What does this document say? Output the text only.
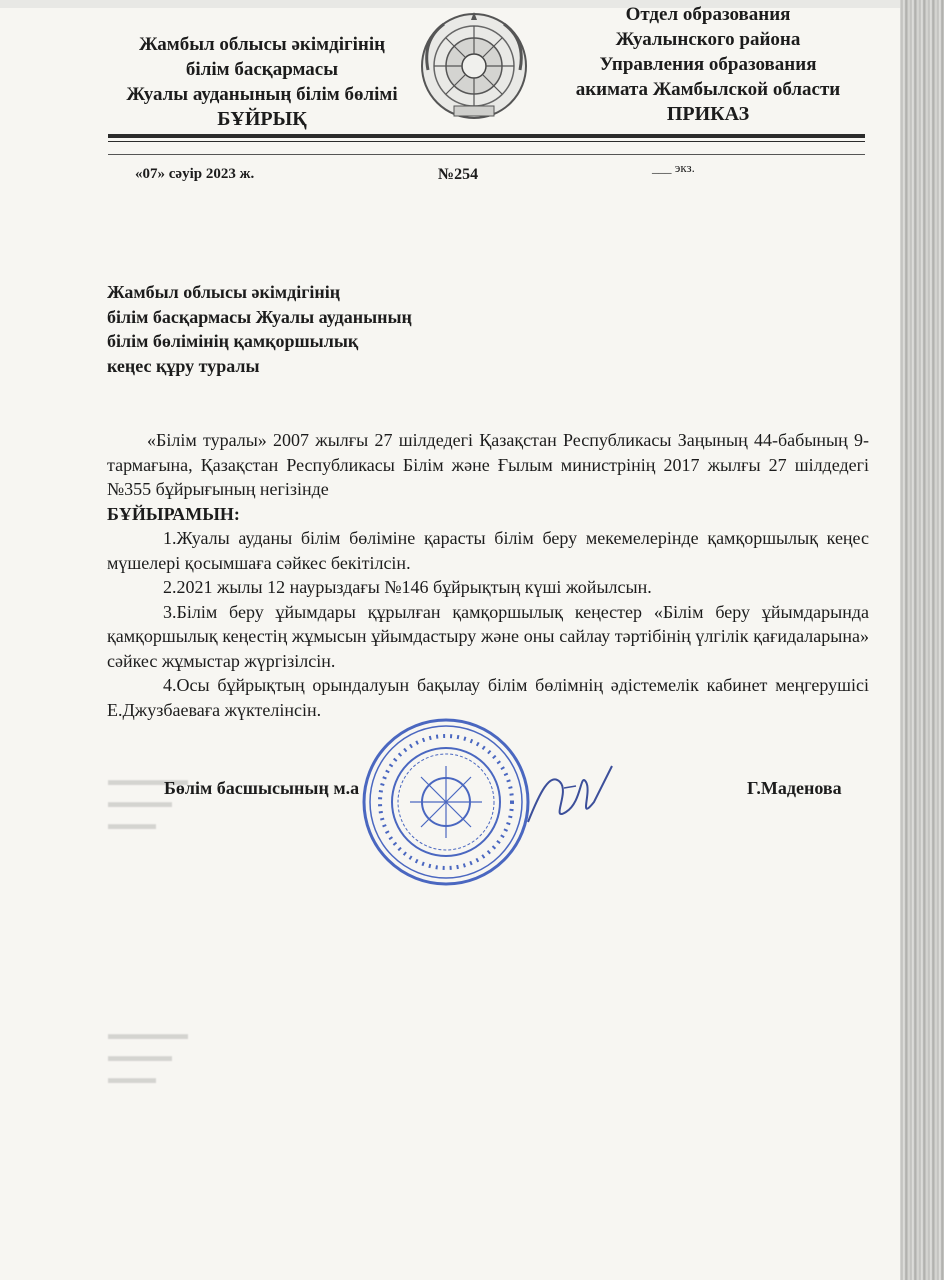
Жамбыл облысы әкімдігінің
білім басқармасы
Жуалы ауданының білім бөлімі
БҰЙРЫҚ
Отдел образования
Жуалынского района
Управления образования
акимата Жамбылской области
ПРИКАЗ
«07» сәуір 2023 ж.	№254	___ экз.
Жамбыл облысы әкімдігінің
білім басқармасы Жуалы ауданының
білім бөлімінің қамқоршылық
кеңес құру туралы

«Білім туралы» 2007 жылғы 27 шілдедегі Қазақстан Республикасы Заңының 44-бабының 9-тармағына, Қазақстан Республикасы Білім және Ғылым министрінің 2017 жылғы 27 шілдедегі №355 бұйрығының негізінде

БҰЙЫРАМЫН:

1.Жуалы ауданы білім бөліміне қарасты білім беру мекемелерінде қамқоршылық кеңес мүшелері қосымшаға сәйкес бекітілсін.

2.2021 жылы 12 наурыздағы №146 бұйрықтың күші жойылсын.

3.Білім беру ұйымдары құрылған қамқоршылық кеңестер «Білім беру ұйымдарында қамқоршылық кеңестің жұмысын ұйымдастыру және оны сайлау тәртібінің үлгілік қағидаларына» сәйкес жұмыстар жүргізілсін.

4.Осы бұйрықтың орындалуын бақылау білім бөлімнің әдістемелік кабинет меңгерушісі Е.Джузбаеваға жүктелінсін.

▬▬▬▬▬
▬▬▬▬
▬▬▬
▬▬▬▬▬
▬▬▬▬
▬▬▬
Бөлім басшысының м.а	Г.Маденова
